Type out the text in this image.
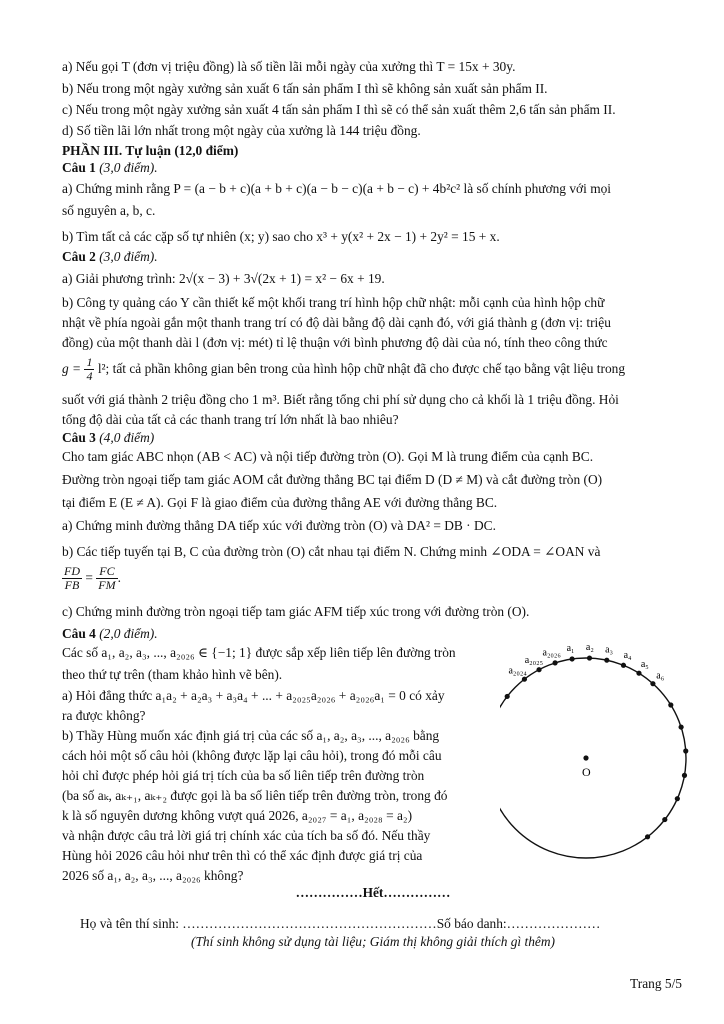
a) Nếu gọi T (đơn vị triệu đồng) là số tiền lãi mỗi ngày của xưởng thì T = 15x + 30y.
b) Nếu trong một ngày xưởng sản xuất 6 tấn sản phẩm I thì sẽ không sản xuất sản phẩm II.
c) Nếu trong một ngày xưởng sản xuất 4 tấn sản phẩm I thì sẽ có thể sản xuất thêm 2,6 tấn sản phẩm II.
d) Số tiền lãi lớn nhất trong một ngày của xưởng là 144 triệu đồng.
PHẦN III. Tự luận (12,0 điểm)
Câu 1 (3,0 điểm).
a) Chứng minh rằng P = (a − b + c)(a + b + c)(a − b − c)(a + b − c) + 4b²c² là số chính phương với mọi
số nguyên a, b, c.
b) Tìm tất cả các cặp số tự nhiên (x; y) sao cho x³ + y(x² + 2x − 1) + 2y² = 15 + x.
Câu 2 (3,0 điểm).
a) Giải phương trình: 2√(x − 3) + 3√(2x + 1) = x² − 6x + 19.
b) Công ty quảng cáo Y cần thiết kế một khối trang trí hình hộp chữ nhật: mỗi cạnh của hình hộp chữ
nhật về phía ngoài gắn một thanh trang trí có độ dài bằng độ dài cạnh đó, với giá thành g (đơn vị: triệu
đồng) của một thanh dài l (đơn vị: mét) tỉ lệ thuận với bình phương độ dài của nó, tính theo công thức
$g = \frac{1}{4} l^2$; tất cả phần không gian bên trong của hình hộp chữ nhật đã cho được chế tạo bằng vật liệu trong
suốt với giá thành 2 triệu đồng cho 1 m³. Biết rằng tổng chi phí sử dụng cho cả khối là 1 triệu đồng. Hỏi
tổng độ dài của tất cả các thanh trang trí lớn nhất là bao nhiêu?
Câu 3 (4,0 điểm)
Cho tam giác ABC nhọn (AB < AC) và nội tiếp đường tròn (O). Gọi M là trung điểm của cạnh BC.
Đường tròn ngoại tiếp tam giác AOM cắt đường thẳng BC tại điểm D (D ≠ M) và cắt đường tròn (O)
tại điểm E (E ≠ A). Gọi F là giao điểm của đường thẳng AE với đường thẳng BC.
a) Chứng minh đường thẳng DA tiếp xúc với đường tròn (O) và DA² = DB · DC.
b) Các tiếp tuyến tại B, C của đường tròn (O) cắt nhau tại điểm N. Chứng minh ∠ODA = ∠OAN và
$\frac{FD}{FB} = \frac{FC}{FM}$ .
c) Chứng minh đường tròn ngoại tiếp tam giác AFM tiếp xúc trong với đường tròn (O).
Câu 4 (2,0 điểm).
Các số a₁, a₂, a₃, ..., a₂₀₂₆ ∈ {−1; 1} được sắp xếp liên tiếp lên đường tròn
theo thứ tự trên (tham khảo hình vẽ bên).
a) Hỏi đẳng thức a₁a₂ + a₂a₃ + a₃a₄ + ... + a₂₀₂₅a₂₀₂₆ + a₂₀₂₆a₁ = 0 có xảy
ra được không?
b) Thầy Hùng muốn xác định giá trị của các số a₁, a₂, a₃, ..., a₂₀₂₆ bằng
cách hỏi một số câu hỏi (không được lặp lại câu hỏi), trong đó mỗi câu
hỏi chỉ được phép hỏi giá trị tích của ba số liên tiếp trên đường tròn
(ba số aₖ, aₖ₊₁, aₖ₊₂ được gọi là ba số liên tiếp trên đường tròn, trong đó
k là số nguyên dương không vượt quá 2026, a₂₀₂₇ = a₁, a₂₀₂₈ = a₂)
và nhận được câu trả lời giá trị chính xác của tích ba số đó. Nếu thầy
Hùng hỏi 2026 câu hỏi như trên thì có thể xác định được giá trị của
2026 số a₁, a₂, a₃, ..., a₂₀₂₆ không?
a₂₀₂₄
a₂₀₂₅
a₂₀₂₆ a₁ a₂ a₃
a₄
a₅
a₆
O
……………Hết……………
Họ và tên thí sinh: …………………………………………………Số báo danh:…………………
(Thí sinh không sử dụng tài liệu; Giám thị không giải thích gì thêm)
Trang 5/5
